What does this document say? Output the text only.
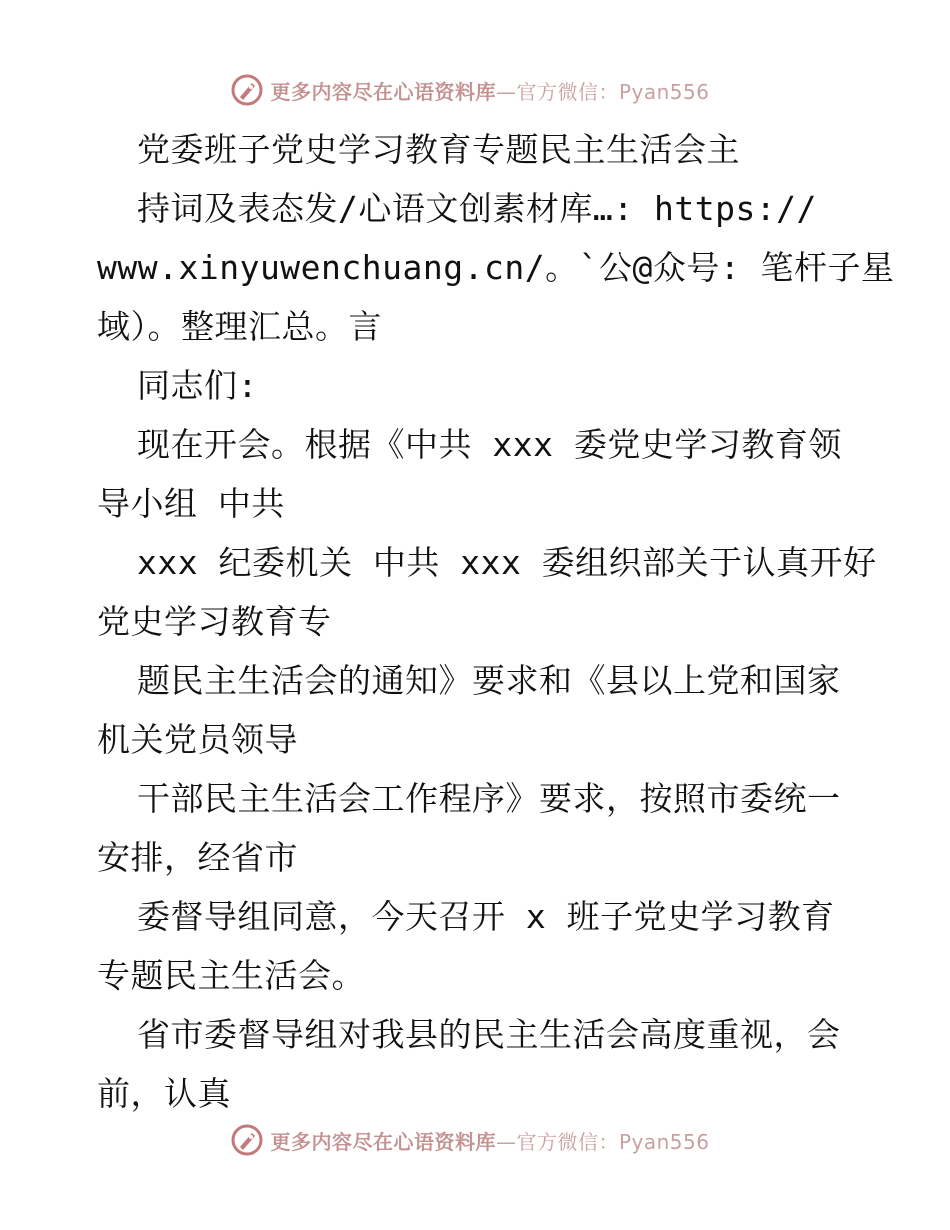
更多内容尽在心语资料库—官方微信：Pyan556
党委班子党史学习教育专题民主生活会主
持词及表态发/心语文创素材库…: https://
www.xinyuwenchuang.cn/。`公@众号: 笔杆子星
域）。整理汇总。言
同志们:
现在开会。根据《中共 xxx 委党史学习教育领
导小组 中共
xxx 纪委机关 中共 xxx 委组织部关于认真开好
党史学习教育专
题民主生活会的通知》要求和《县以上党和国家
机关党员领导
干部民主生活会工作程序》要求，按照市委统一
安排，经省市
委督导组同意，今天召开 x 班子党史学习教育
专题民主生活会。
省市委督导组对我县的民主生活会高度重视，会
前，认真
更多内容尽在心语资料库—官方微信：Pyan556
